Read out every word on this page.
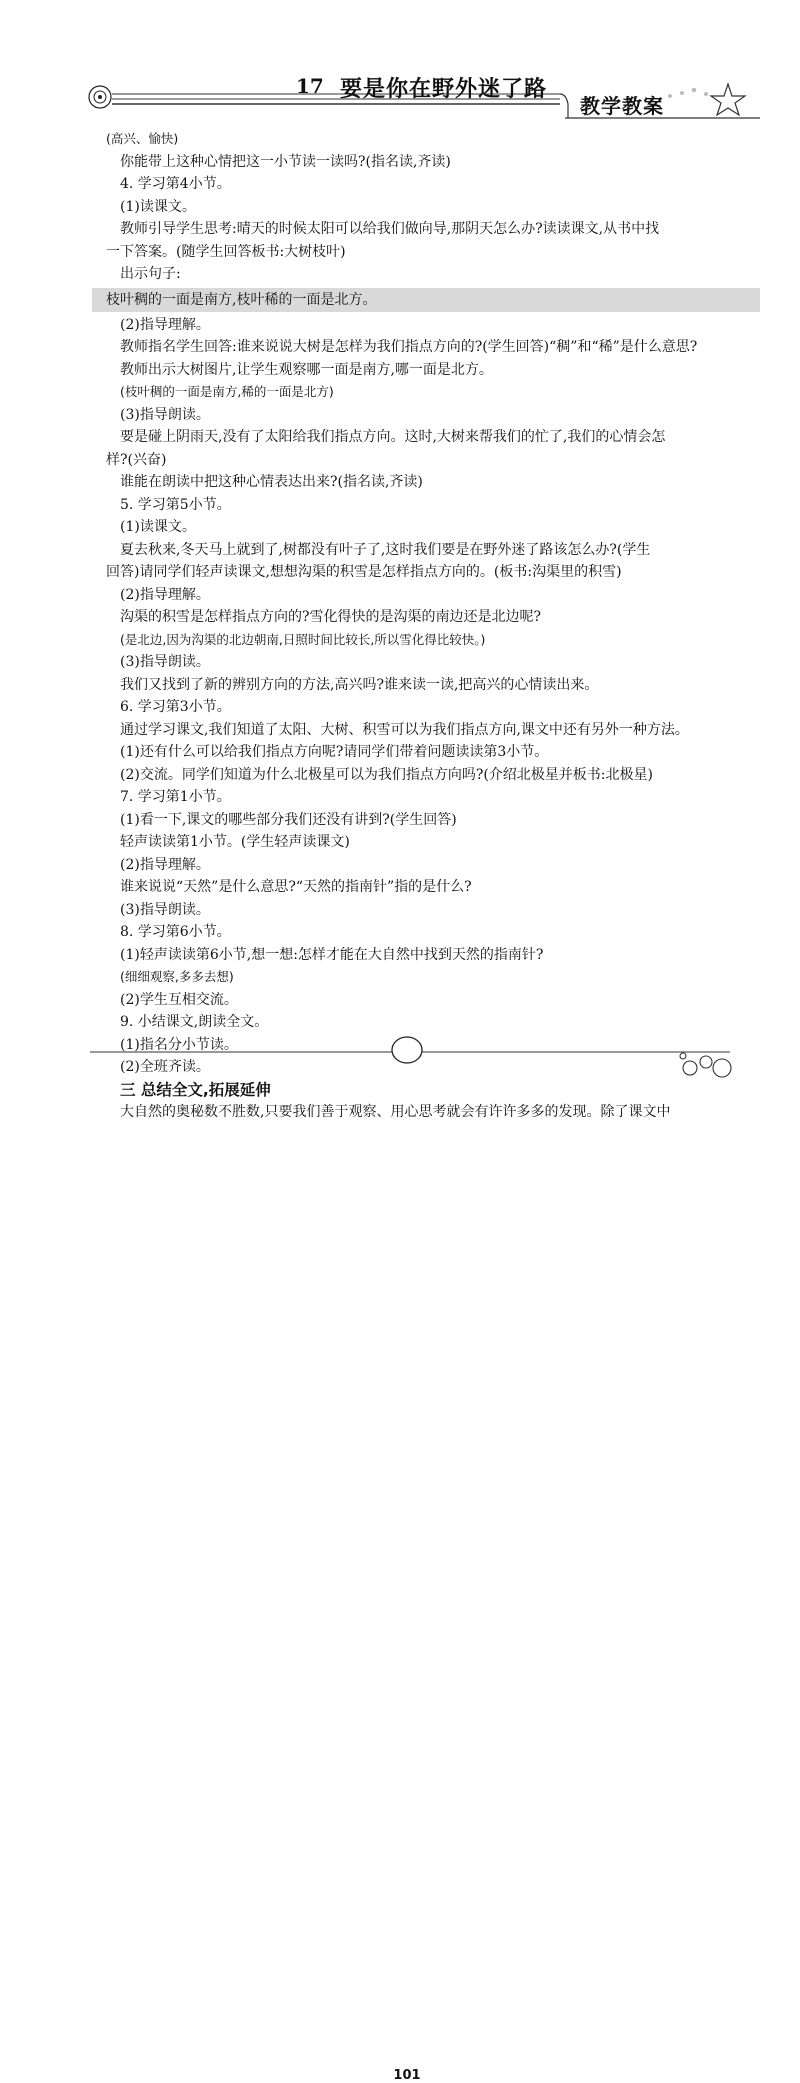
17 要是你在野外迷了路
教学教案

(高兴、愉快)

你能带上这种心情把这一小节读一读吗?(指名读,齐读)

4. 学习第4小节。

(1)读课文。

教师引导学生思考:晴天的时候太阳可以给我们做向导,那阴天怎么办?读读课文,从书中找

一下答案。(随学生回答板书:大树枝叶)

出示句子:

枝叶稠的一面是南方,枝叶稀的一面是北方。

(2)指导理解。

教师指名学生回答:谁来说说大树是怎样为我们指点方向的?(学生回答)“稠”和“稀”是什么意思?

教师出示大树图片,让学生观察哪一面是南方,哪一面是北方。

(枝叶稠的一面是南方,稀的一面是北方)

(3)指导朗读。

要是碰上阴雨天,没有了太阳给我们指点方向。这时,大树来帮我们的忙了,我们的心情会怎

样?(兴奋)

谁能在朗读中把这种心情表达出来?(指名读,齐读)

5. 学习第5小节。

(1)读课文。

夏去秋来,冬天马上就到了,树都没有叶子了,这时我们要是在野外迷了路该怎么办?(学生

回答)请同学们轻声读课文,想想沟渠的积雪是怎样指点方向的。(板书:沟渠里的积雪)

(2)指导理解。

沟渠的积雪是怎样指点方向的?雪化得快的是沟渠的南边还是北边呢?

(是北边,因为沟渠的北边朝南,日照时间比较长,所以雪化得比较快。)

(3)指导朗读。

我们又找到了新的辨别方向的方法,高兴吗?谁来读一读,把高兴的心情读出来。

6. 学习第3小节。

通过学习课文,我们知道了太阳、大树、积雪可以为我们指点方向,课文中还有另外一种方法。

(1)还有什么可以给我们指点方向呢?请同学们带着问题读读第3小节。

(2)交流。同学们知道为什么北极星可以为我们指点方向吗?(介绍北极星并板书:北极星)

7. 学习第1小节。

(1)看一下,课文的哪些部分我们还没有讲到?(学生回答)

轻声读读第1小节。(学生轻声读课文)

(2)指导理解。

谁来说说“天然”是什么意思?“天然的指南针”指的是什么?

(3)指导朗读。

8. 学习第6小节。

(1)轻声读读第6小节,想一想:怎样才能在大自然中找到天然的指南针?

(细细观察,多多去想)

(2)学生互相交流。

9. 小结课文,朗读全文。

(1)指名分小节读。

(2)全班齐读。

三 总结全文,拓展延伸

大自然的奥秘数不胜数,只要我们善于观察、用心思考就会有许许多多的发现。除了课文中

101
